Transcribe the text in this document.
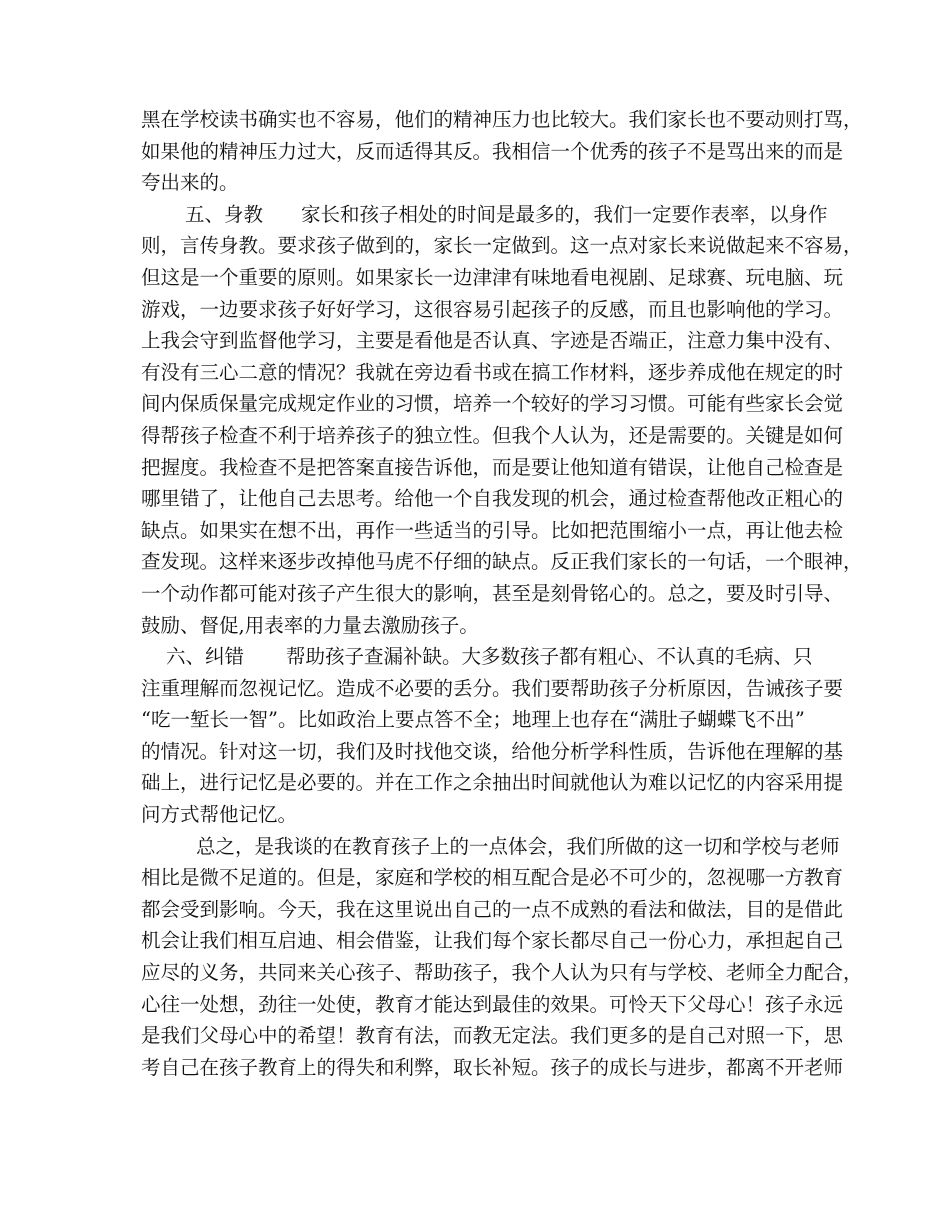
黑在学校读书确实也不容易，他们的精神压力也比较大。我们家长也不要动则打骂，
如果他的精神压力过大，反而适得其反。我相信一个优秀的孩子不是骂出来的而是
夸出来的。
五、身教 家长和孩子相处的时间是最多的，我们一定要作表率，以身作
则，言传身教。要求孩子做到的，家长一定做到。这一点对家长来说做起来不容易，
但这是一个重要的原则。如果家长一边津津有味地看电视剧、足球赛、玩电脑、玩
游戏，一边要求孩子好好学习，这很容易引起孩子的反感，而且也影响他的学习。
上我会守到监督他学习，主要是看他是否认真、字迹是否端正，注意力集中没有、
有没有三心二意的情况？我就在旁边看书或在搞工作材料，逐步养成他在规定的时
间内保质保量完成规定作业的习惯，培养一个较好的学习习惯。可能有些家长会觉
得帮孩子检查不利于培养孩子的独立性。但我个人认为，还是需要的。关键是如何
把握度。我检查不是把答案直接告诉他，而是要让他知道有错误，让他自己检查是
哪里错了，让他自己去思考。给他一个自我发现的机会，通过检查帮他改正粗心的
缺点。如果实在想不出，再作一些适当的引导。比如把范围缩小一点，再让他去检
查发现。这样来逐步改掉他马虎不仔细的缺点。反正我们家长的一句话，一个眼神，
一个动作都可能对孩子产生很大的影响，甚至是刻骨铭心的。总之，要及时引导、
鼓励、督促,用表率的力量去激励孩子。
六、纠错 帮助孩子查漏补缺。大多数孩子都有粗心、不认真的毛病、只
注重理解而忽视记忆。造成不必要的丢分。我们要帮助孩子分析原因，告诫孩子要
“吃一堑长一智”。比如政治上要点答不全；地理上也存在“满肚子蝴蝶飞不出”
的情况。针对这一切，我们及时找他交谈，给他分析学科性质，告诉他在理解的基
础上，进行记忆是必要的。并在工作之余抽出时间就他认为难以记忆的内容采用提
问方式帮他记忆。
总之，是我谈的在教育孩子上的一点体会，我们所做的这一切和学校与老师
相比是微不足道的。但是，家庭和学校的相互配合是必不可少的，忽视哪一方教育
都会受到影响。今天，我在这里说出自己的一点不成熟的看法和做法，目的是借此
机会让我们相互启迪、相会借鉴，让我们每个家长都尽自己一份心力，承担起自己
应尽的义务，共同来关心孩子、帮助孩子，我个人认为只有与学校、老师全力配合，
心往一处想，劲往一处使，教育才能达到最佳的效果。可怜天下父母心！孩子永远
是我们父母心中的希望！教育有法，而教无定法。我们更多的是自己对照一下，思
考自己在孩子教育上的得失和利弊，取长补短。孩子的成长与进步，都离不开老师
